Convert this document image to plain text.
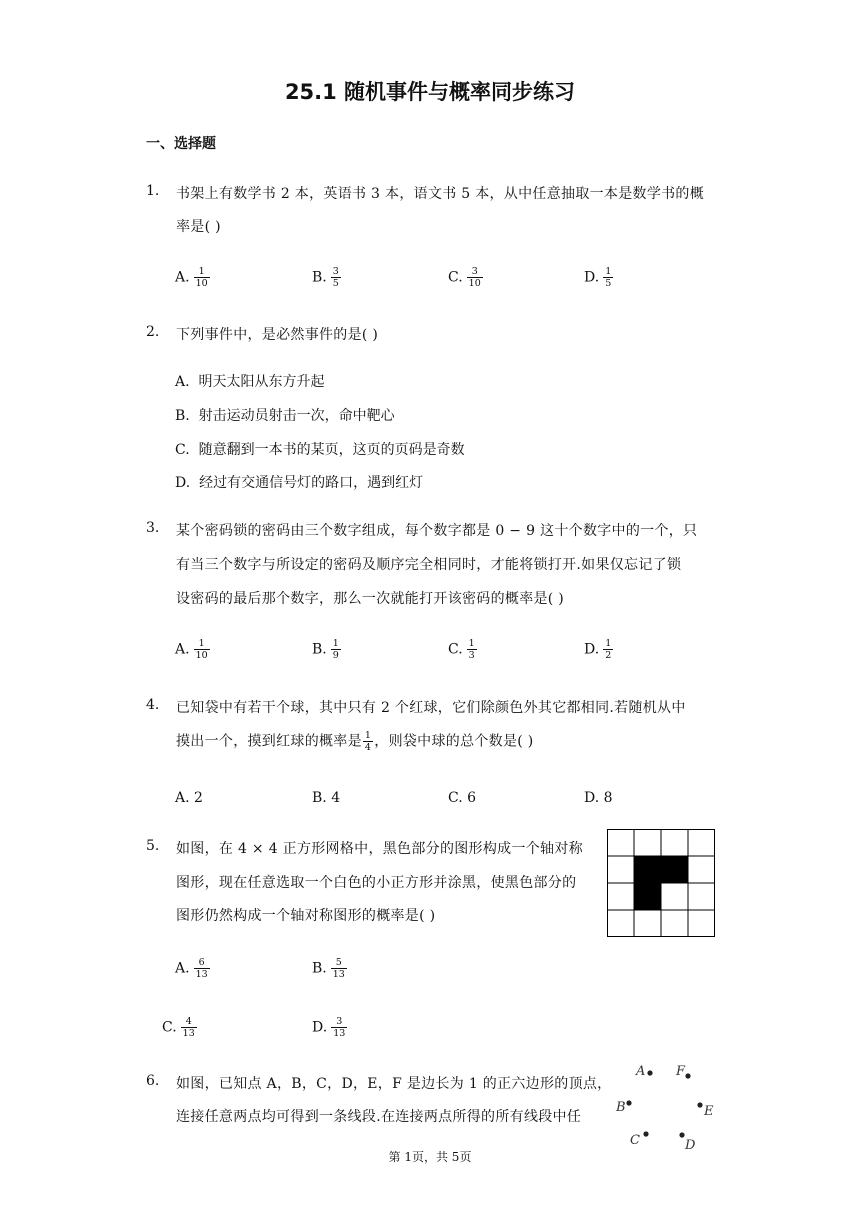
25.1 随机事件与概率同步练习
一、选择题
1. 书架上有数学书 2 本，英语书 3 本，语文书 5 本，从中任意抽取一本是数学书的概
率是( )
A. $\frac{1}{10}$	B. $\frac{3}{5}$	C. $\frac{3}{10}$	D. $\frac{1}{5}$
2. 下列事件中，是必然事件的是( )
A. 明天太阳从东方升起
B. 射击运动员射击一次，命中靶心
C. 随意翻到一本书的某页，这页的页码是奇数
D. 经过有交通信号灯的路口，遇到红灯
3. 某个密码锁的密码由三个数字组成，每个数字都是 0 − 9 这十个数字中的一个，只
有当三个数字与所设定的密码及顺序完全相同时，才能将锁打开.如果仅忘记了锁
设密码的最后那个数字，那么一次就能打开该密码的概率是( )
A. $\frac{1}{10}$	B. $\frac{1}{9}$	C. $\frac{1}{3}$	D. $\frac{1}{2}$
4. 已知袋中有若干个球，其中只有 2 个红球，它们除颜色外其它都相同.若随机从中
摸出一个，摸到红球的概率是 $\frac{1}{4}$ ，则袋中球的总个数是( )
A. 2	B. 4	C. 6	D. 8
5. 如图，在 4 × 4 正方形网格中，黑色部分的图形构成一个轴对称
图形，现在任意选取一个白色的小正方形并涂黑，使黑色部分的
图形仍然构成一个轴对称图形的概率是( )
A. $\frac{6}{13}$	B. $\frac{5}{13}$
C. $\frac{4}{13}$	D. $\frac{3}{13}$
6. 如图，已知点 A，B，C，D，E，F 是边长为 1 的正六边形的顶点，
连接任意两点均可得到一条线段.在连接两点所得的所有线段中任
A F
B	E
C	D
第 1页，共 5页
